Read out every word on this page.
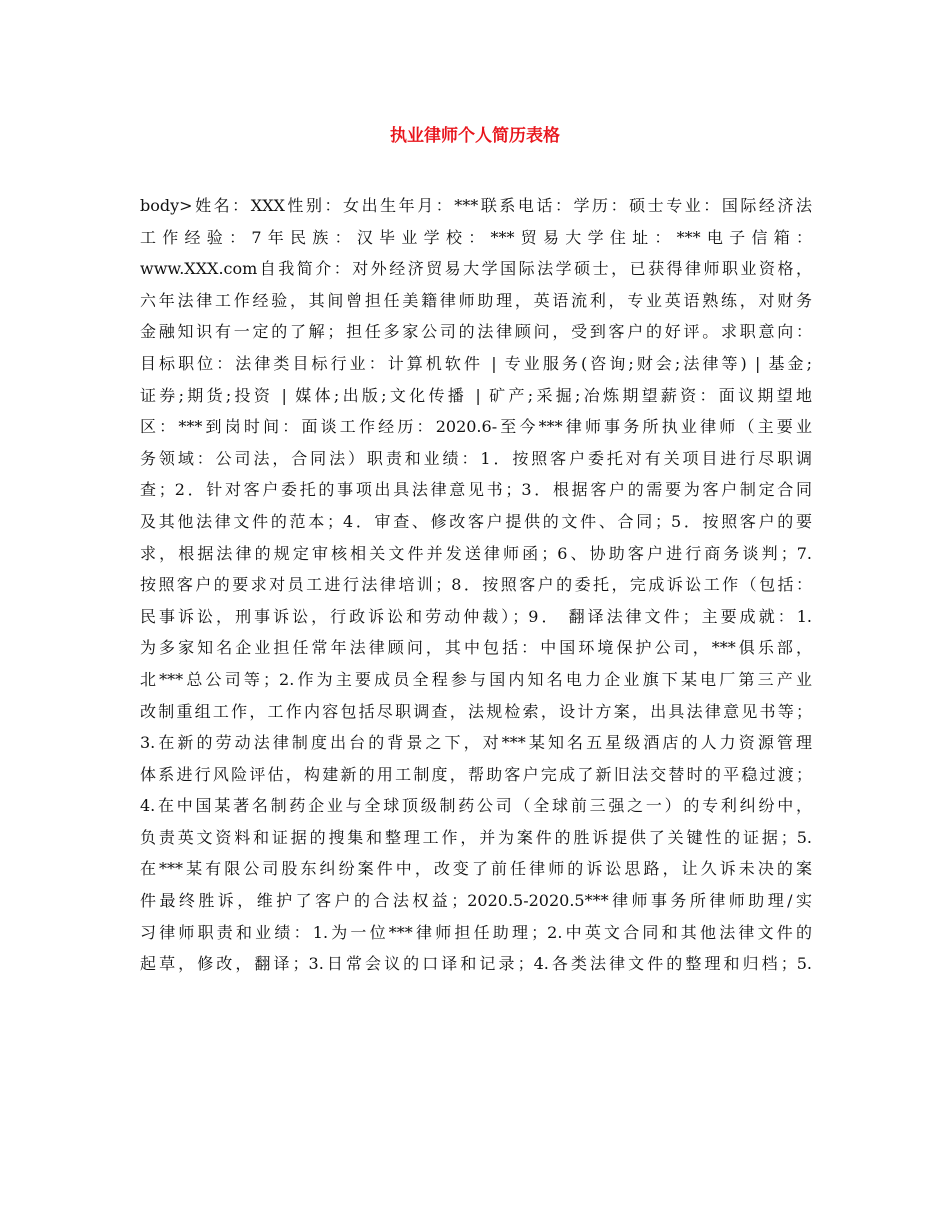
执业律师个人简历表格
body>姓名：XXX性别：女出生年月：***联系电话：学历：硕士专业：国际经济法
工作经验：7年民族：汉毕业学校：***贸易大学住址：***电子信箱：
www.XXX.com自我简介：对外经济贸易大学国际法学硕士，已获得律师职业资格，
六年法律工作经验，其间曾担任美籍律师助理，英语流利，专业英语熟练，对财务
金融知识有一定的了解；担任多家公司的法律顾问，受到客户的好评。求职意向：
目标职位：法律类目标行业：计算机软件 | 专业服务(咨询;财会;法律等) | 基金;
证券;期货;投资 | 媒体;出版;文化传播 | 矿产;采掘;冶炼期望薪资：面议期望地
区：***到岗时间：面谈工作经历：2020.6-至今***律师事务所执业律师（主要业
务领域：公司法，合同法）职责和业绩：1．按照客户委托对有关项目进行尽职调
查；2．针对客户委托的事项出具法律意见书；3．根据客户的需要为客户制定合同
及其他法律文件的范本；4．审查、修改客户提供的文件、合同；5．按照客户的要
求，根据法律的规定审核相关文件并发送律师函；6、协助客户进行商务谈判；7.
按照客户的要求对员工进行法律培训；8．按照客户的委托，完成诉讼工作（包括：
民事诉讼，刑事诉讼，行政诉讼和劳动仲裁）；9． 翻译法律文件；主要成就：1.
为多家知名企业担任常年法律顾问，其中包括：中国环境保护公司，***俱乐部，
北***总公司等；2.作为主要成员全程参与国内知名电力企业旗下某电厂第三产业
改制重组工作，工作内容包括尽职调查，法规检索，设计方案，出具法律意见书等；
3.在新的劳动法律制度出台的背景之下，对***某知名五星级酒店的人力资源管理
体系进行风险评估，构建新的用工制度，帮助客户完成了新旧法交替时的平稳过渡；
4.在中国某著名制药企业与全球顶级制药公司（全球前三强之一）的专利纠纷中，
负责英文资料和证据的搜集和整理工作，并为案件的胜诉提供了关键性的证据；5.
在***某有限公司股东纠纷案件中，改变了前任律师的诉讼思路，让久诉未决的案
件最终胜诉，维护了客户的合法权益；2020.5-2020.5***律师事务所律师助理/实
习律师职责和业绩：1.为一位***律师担任助理；2.中英文合同和其他法律文件的
起草，修改，翻译；3.日常会议的口译和记录；4.各类法律文件的整理和归档；5.
